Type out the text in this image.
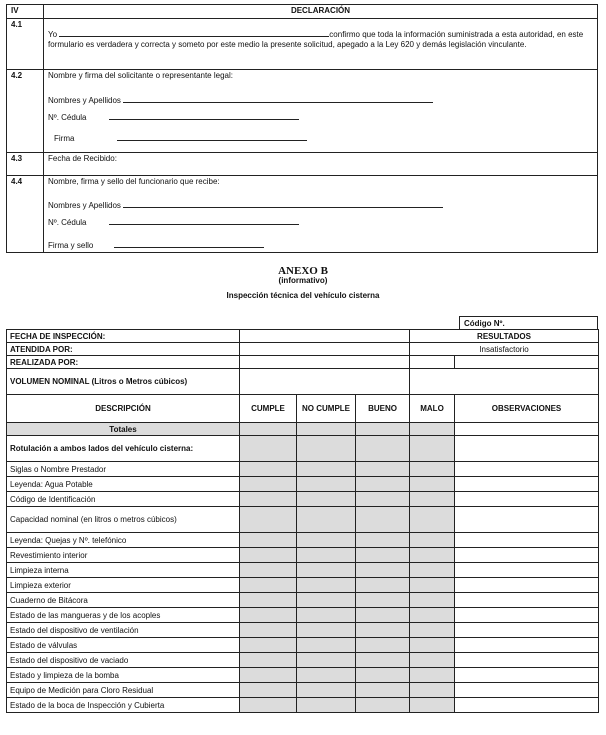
IV	DECLARACIÓN
4.1	Yo confirmo que toda la información suministrada a esta autoridad, en este formulario es verdadera y correcta y someto por este medio la presente solicitud, apegado a la Ley 620 y demás legislación vinculante.

4.2	Nombre y firma del solicitante o representante legal:
Nombres y Apellidos
Nº. Cédula
Firma

4.3	Fecha de Recibido:
4.4	Nombre, firma y sello del funcionario que recibe:
Nombres y Apellidos
Nº. Cédula
Firma y sello
ANEXO B
(informativo)
Inspección técnica del vehículo cisterna
Código Nº.
FECHA DE INSPECCIÓN:				RESULTADOS	
ATENDIDA POR:				Insatisfactorio	
REALIZADA POR:					
VOLUMEN NOMINAL (Litros o Metros cúbicos)					
DESCRIPCIÓN	CUMPLE	NO CUMPLE	BUENO	MALO	OBSERVACIONES
Totales					
Rotulación a ambos lados del vehículo cisterna:					
Siglas o Nombre Prestador					
Leyenda: Agua Potable					
Código de Identificación					
Capacidad nominal (en litros o metros cúbicos)					
Leyenda: Quejas y Nº. telefónico					
Revestimiento interior					
Limpieza interna					
Limpieza exterior					
Cuaderno de Bitácora					
Estado de las mangueras y de los acoples					
Estado del dispositivo de ventilación					
Estado de válvulas					
Estado del dispositivo de vaciado					
Estado y limpieza de la bomba					
Equipo de Medición para Cloro Residual					
Estado de la boca de Inspección y Cubierta					
